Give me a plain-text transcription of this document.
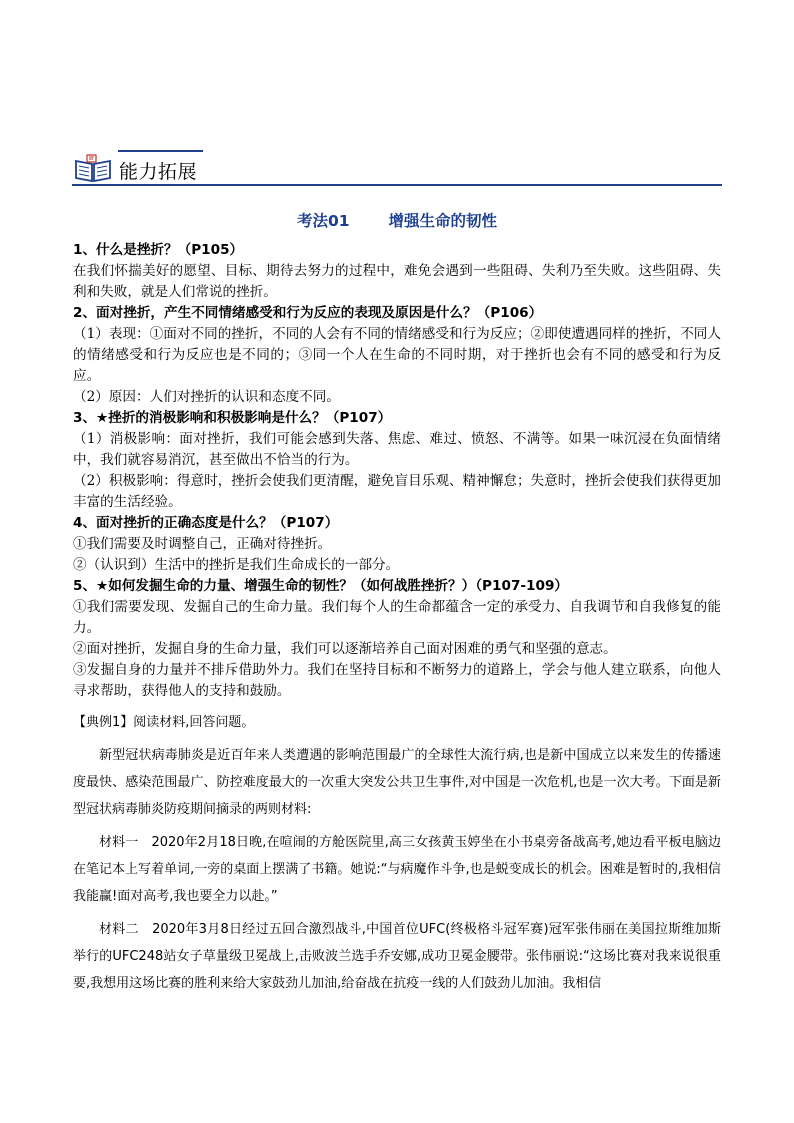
能力拓展
考法01　 增强生命的韧性

1、什么是挫折？（P105）

在我们怀揣美好的愿望、目标、期待去努力的过程中，难免会遇到一些阻碍、失利乃至失败。这些阻碍、失利和失败，就是人们常说的挫折。

2、面对挫折，产生不同情绪感受和行为反应的表现及原因是什么？（P106）

（1）表现：①面对不同的挫折，不同的人会有不同的情绪感受和行为反应；②即使遭遇同样的挫折，不同人的情绪感受和行为反应也是不同的；③同一个人在生命的不同时期，对于挫折也会有不同的感受和行为反应。

（2）原因：人们对挫折的认识和态度不同。

3、★挫折的消极影响和积极影响是什么？（P107）

（1）消极影响：面对挫折，我们可能会感到失落、焦虑、难过、愤怒、不满等。如果一味沉浸在负面情绪中，我们就容易消沉，甚至做出不恰当的行为。

（2）积极影响：得意时，挫折会使我们更清醒，避免盲目乐观、精神懈怠；失意时，挫折会使我们获得更加丰富的生活经验。

4、面对挫折的正确态度是什么？（P107）

①我们需要及时调整自己，正确对待挫折。

②（认识到）生活中的挫折是我们生命成长的一部分。

5、★如何发掘生命的力量、增强生命的韧性？（如何战胜挫折？）（P107-109）

①我们需要发现、发掘自己的生命力量。我们每个人的生命都蕴含一定的承受力、自我调节和自我修复的能力。

②面对挫折，发掘自身的生命力量，我们可以逐渐培养自己面对困难的勇气和坚强的意志。

③发掘自身的力量并不排斥借助外力。我们在坚持目标和不断努力的道路上，学会与他人建立联系，向他人寻求帮助，获得他人的支持和鼓励。

【典例1】阅读材料,回答问题。

新型冠状病毒肺炎是近百年来人类遭遇的影响范围最广的全球性大流行病,也是新中国成立以来发生的传播速度最快、感染范围最广、防控难度最大的一次重大突发公共卫生事件,对中国是一次危机,也是一次大考。下面是新型冠状病毒肺炎防疫期间摘录的两则材料:

材料一　2020年2月18日晚,在喧闹的方舱医院里,高三女孩黄玉婷坐在小书桌旁备战高考,她边看平板电脑边在笔记本上写着单词,一旁的桌面上摆满了书籍。她说:“与病魔作斗争,也是蜕变成长的机会。困难是暂时的,我相信我能赢!面对高考,我也要全力以赴。”

材料二　2020年3月8日经过五回合激烈战斗,中国首位UFC(终极格斗冠军赛)冠军张伟丽在美国拉斯维加斯举行的UFC248站女子草量级卫冕战上,击败波兰选手乔安娜,成功卫冕金腰带。张伟丽说:“这场比赛对我来说很重要,我想用这场比赛的胜利来给大家鼓劲儿加油,给奋战在抗疫一线的人们鼓劲儿加油。我相信
